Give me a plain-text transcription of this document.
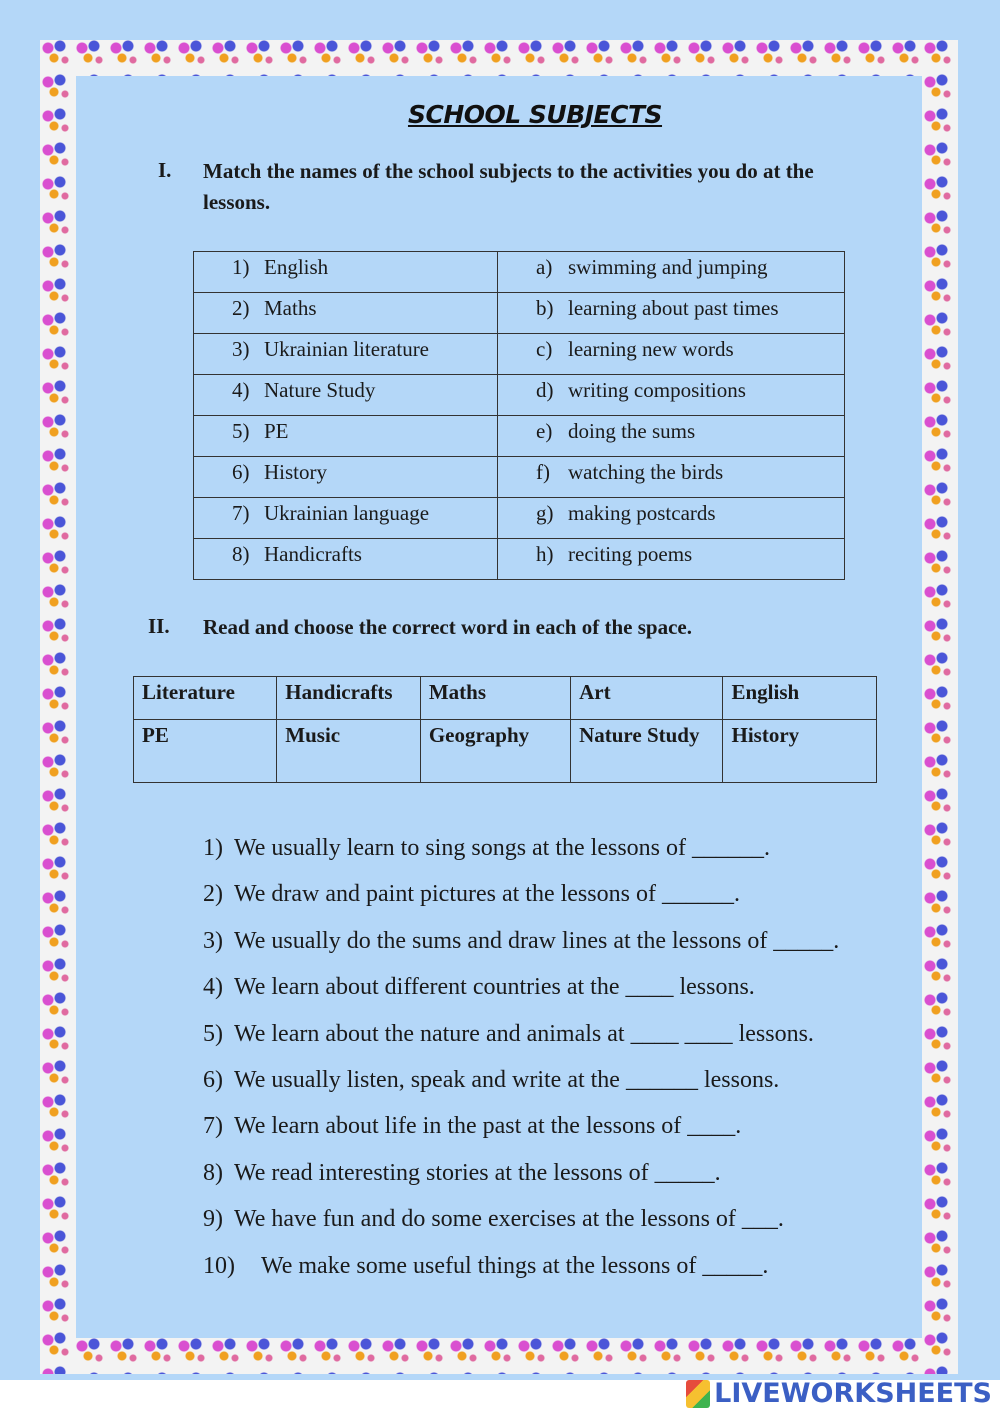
SCHOOL SUBJECTS
I. Match the names of the school subjects to the activities you do at the
lessons.
1) English	a) swimming and jumping
2) Maths	b) learning about past times
3) Ukrainian literature	c) learning new words
4) Nature Study	d) writing compositions
5) PE	e) doing the sums
6) History	f) watching the birds
7) Ukrainian language	g) making postcards
8) Handicrafts	h) reciting poems
II. Read and choose the correct word in each of the space.
Literature	Handicrafts	Maths	Art	English
PE	Music	Geography	Nature Study	History
1) We usually learn to sing songs at the lessons of ______.
2) We draw and paint pictures at the lessons of ______.
3) We usually do the sums and draw lines at the lessons of _____.
4) We learn about different countries at the ____ lessons.
5) We learn about the nature and animals at ____ ____ lessons.
6) We usually listen, speak and write at the ______ lessons.
7) We learn about life in the past at the lessons of ____.
8) We read interesting stories at the lessons of _____.
9) We have fun and do some exercises at the lessons of ___.
10) We make some useful things at the lessons of _____.
LIVEWORKSHEETS
